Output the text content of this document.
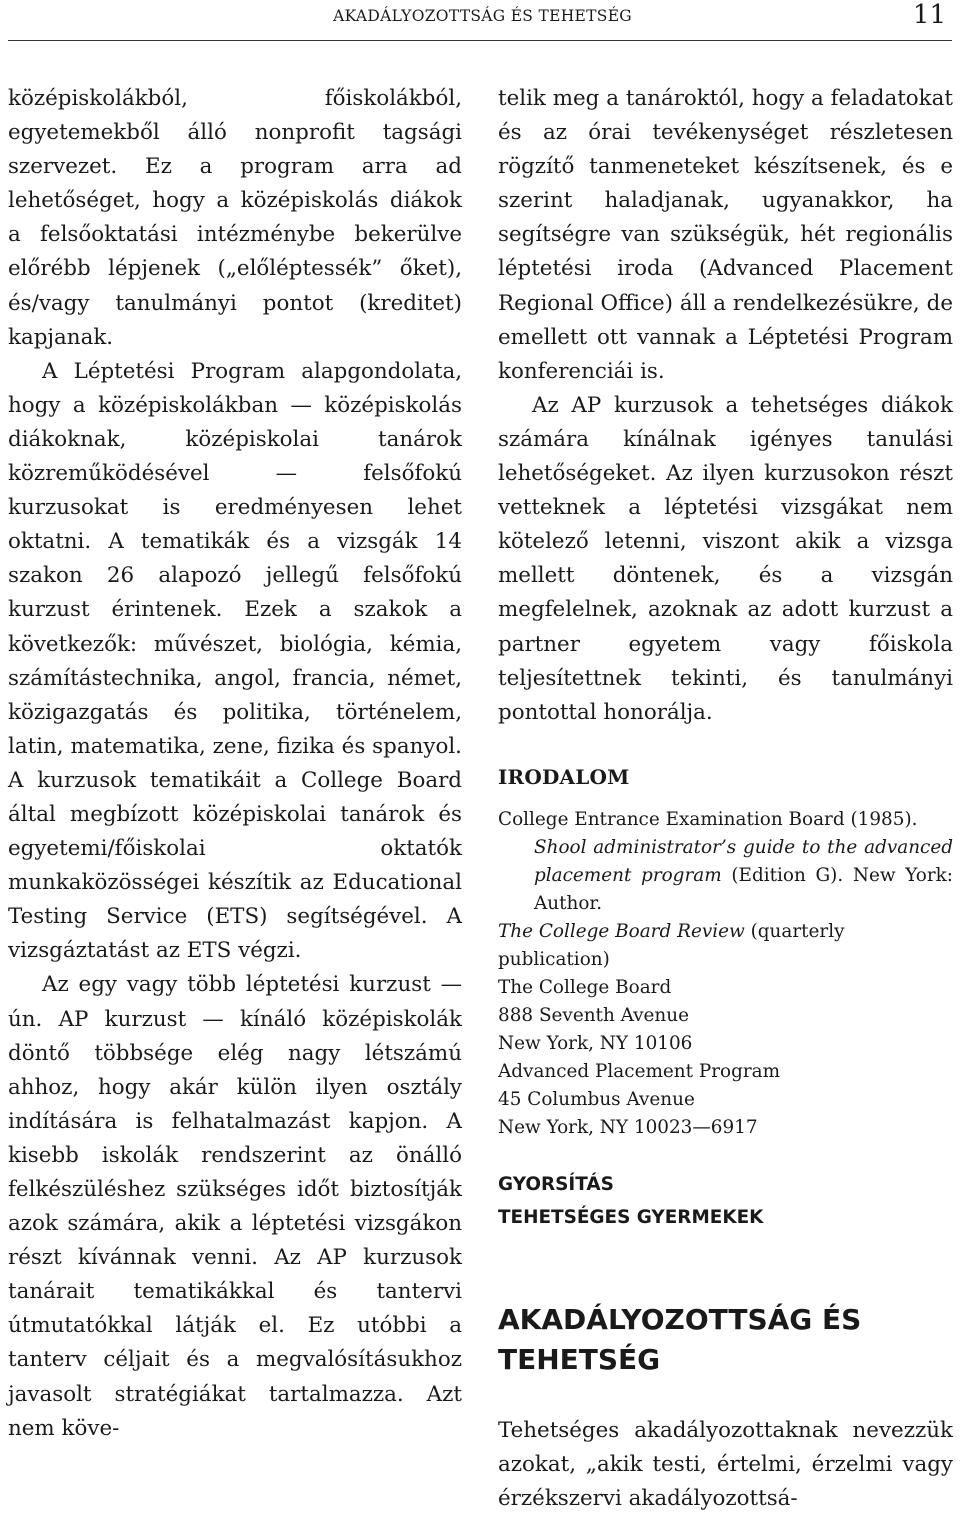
AKADÁLYOZOTTSÁG ÉS TEHETSÉG	11

középiskolákból, főiskolákból, egyetemekből álló nonprofit tagsági szervezet. Ez a program arra ad lehetőséget, hogy a középiskolás diákok a felsőoktatási intézménybe bekerülve előrébb lépjenek („előléptessék” őket), és/vagy tanulmányi pontot (kreditet) kapjanak.

A Léptetési Program alapgondolata, hogy a középiskolákban — középiskolás diákoknak, középiskolai tanárok közreműködésével — felsőfokú kurzusokat is eredményesen lehet oktatni. A tematikák és a vizsgák 14 szakon 26 alapozó jellegű felsőfokú kurzust érintenek. Ezek a szakok a következők: művészet, biológia, kémia, számítástechnika, angol, francia, német, közigazgatás és politika, történelem, latin, matematika, zene, fizika és spanyol. A kurzusok tematikáit a College Board által megbízott középiskolai tanárok és egyetemi/főiskolai oktatók munkaközösségei készítik az Educational Testing Service (ETS) segítségével. A vizsgáztatást az ETS végzi.

Az egy vagy több léptetési kurzust — ún. AP kurzust — kínáló középiskolák döntő többsége elég nagy létszámú ahhoz, hogy akár külön ilyen osztály indítására is felhatalmazást kapjon. A kisebb iskolák rendszerint az önálló felkészüléshez szükséges időt biztosítják azok számára, akik a léptetési vizsgákon részt kívánnak venni. Az AP kurzusok tanárait tematikákkal és tantervi útmutatókkal látják el. Ez utóbbi a tanterv céljait és a megvalósításukhoz javasolt stratégiákat tartalmazza. Azt nem köve-

telik meg a tanároktól, hogy a feladatokat és az órai tevékenységet részletesen rögzítő tanmeneteket készítsenek, és e szerint haladjanak, ugyanakkor, ha segítségre van szükségük, hét regionális léptetési iroda (Advanced Placement Regional Office) áll a rendelkezésükre, de emellett ott vannak a Léptetési Program konferenciái is.

Az AP kurzusok a tehetséges diákok számára kínálnak igényes tanulási lehetőségeket. Az ilyen kurzusokon részt vetteknek a léptetési vizsgákat nem kötelező letenni, viszont akik a vizsga mellett döntenek, és a vizsgán megfelelnek, azoknak az adott kurzust a partner egyetem vagy főiskola teljesítettnek tekinti, és tanulmányi pontottal honorálja.

IRODALOM

College Entrance Examination Board (1985).
Shool administrator’s guide to the advanced placement program (Edition G). New York: Author.

The College Board Review (quarterly publication)

The College Board
888 Seventh Avenue
New York, NY 10106
Advanced Placement Program
45 Columbus Avenue
New York, NY 10023—6917
GYORSÍTÁS
TEHETSÉGES GYERMEKEK
AKADÁLYOZOTTSÁG ÉS
TEHETSÉG

Tehetséges akadályozottaknak nevezzük azokat, „akik testi, értelmi, érzelmi vagy érzékszervi akadályozottsá-
